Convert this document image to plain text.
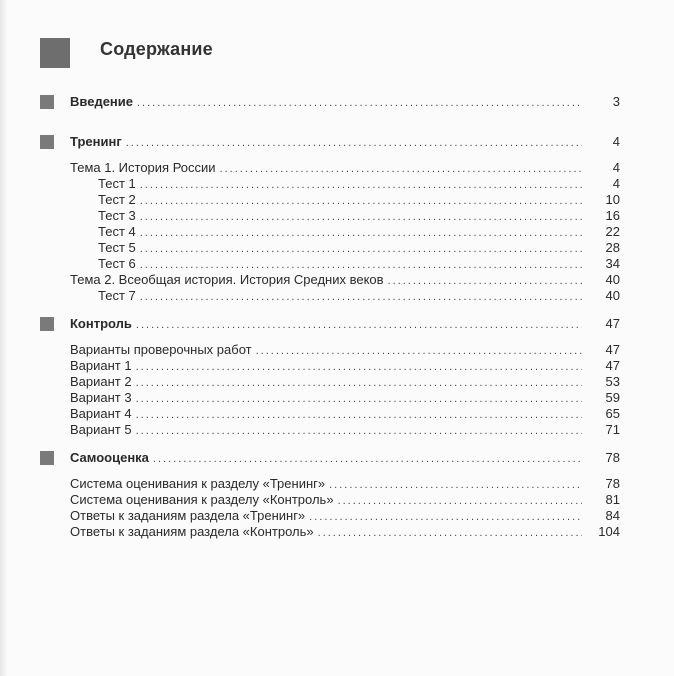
Содержание
Введение .....	3
Тренинг .....	4
Тема 1. История России .....	4
Тест 1 .....	4
Тест 2 .....	10
Тест 3 .....	16
Тест 4 .....	22
Тест 5 .....	28
Тест 6 .....	34
Тема 2. Всеобщая история. История Средних веков .....	40
Тест 7 .....	40
Контроль .....	47
Варианты проверочных работ .....	47
Вариант 1 .....	47
Вариант 2 .....	53
Вариант 3 .....	59
Вариант 4 .....	65
Вариант 5 .....	71
Самооценка .....	78
Система оценивания к разделу «Тренинг» .....	78
Система оценивания к разделу «Контроль» .....	81
Ответы к заданиям раздела «Тренинг» .....	84
Ответы к заданиям раздела «Контроль» .....	104
